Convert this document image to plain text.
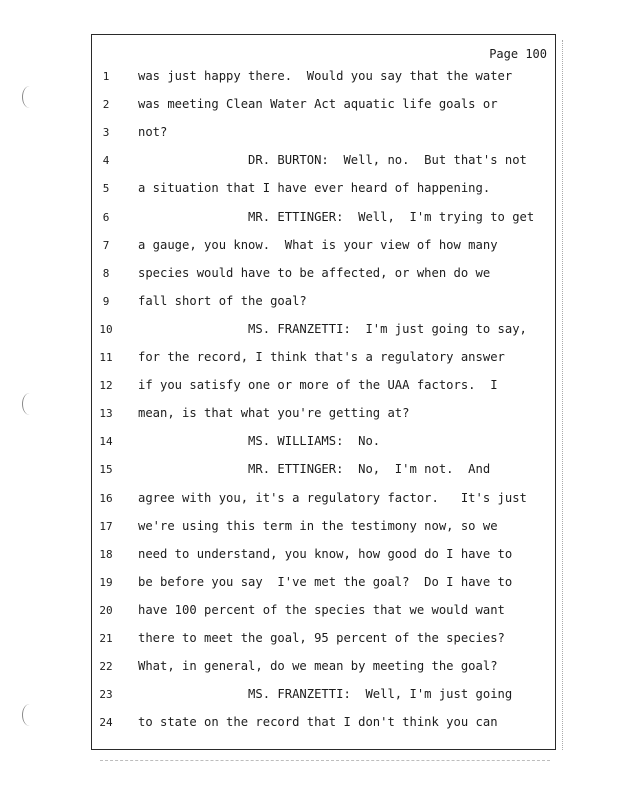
Page 100
1	was just happy there.  Would you say that the water
2	was meeting Clean Water Act aquatic life goals or
3	not?
4	DR. BURTON:  Well, no.  But that's not
5	a situation that I have ever heard of happening.
6	MR. ETTINGER:  Well,  I'm trying to get
7	a gauge, you know.  What is your view of how many
8	species would have to be affected, or when do we
9	fall short of the goal?
10 MS. FRANZETTI:  I'm just going to say,
11 for the record, I think that's a regulatory answer
12 if you satisfy one or more of the UAA factors.  I
13 mean, is that what you're getting at?
14 MS. WILLIAMS:  No.
15 MR. ETTINGER:  No,  I'm not.  And
16 agree with you, it's a regulatory factor.   It's just
17 we're using this term in the testimony now, so we
18 need to understand, you know, how good do I have to
19 be before you say  I've met the goal?  Do I have to
20 have 100 percent of the species that we would want
21 there to meet the goal, 95 percent of the species?
22 What, in general, do we mean by meeting the goal?
23 MS. FRANZETTI:  Well, I'm just going
24 to state on the record that I don't think you can
